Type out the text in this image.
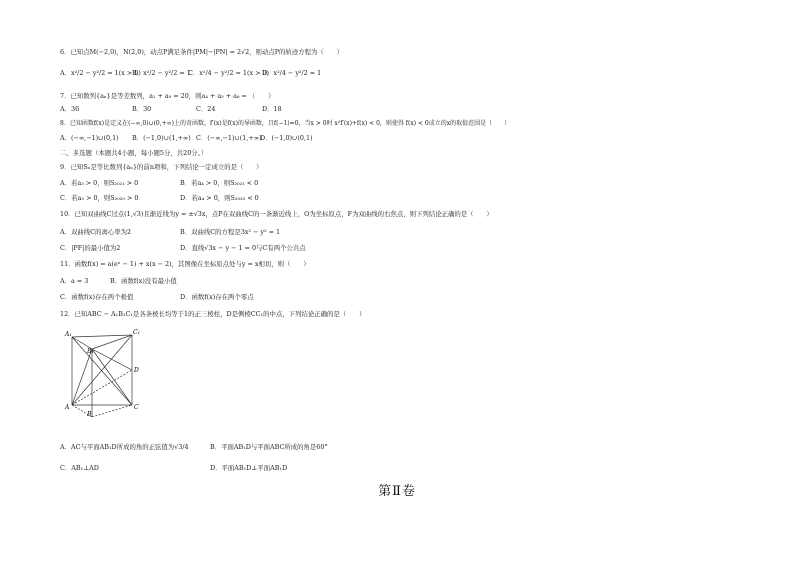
6．已知点M(−2,0)，N(2,0)，动点P满足条件|PM|−|PN| = 2√2，则动点P的轨迹方程为（　　）
A．x²/2 − y²/2 = 1(x > 0)
B．x²/2 − y²/2 = 1
C．x²/4 − y²/2 = 1(x > 0)
D．x²/4 − y²/2 = 1
7．已知数列{aₙ}是等差数列，a₁ + a₉ = 20，则a₄ + a₅ + a₆ = （　　）
A．36	B．30	C．24	D．18
8．已知函数f(x)是定义在(−∞,0)∪(0,+∞)上的奇函数，f′(x)是f(x)的导函数，且f(−1)=0，当x > 0时 x²f′(x)+f(x) < 0，则使得 f(x) < 0成立的x的取值范围是（　　）
A．(−∞,−1)∪(0,1) B．(−1,0)∪(1,+∞) C．(−∞,−1)∪(1,+∞)
D．(−1,0)∪(0,1)
二、多选题（本题共4小题，每小题5分，共20分。）
9．已知Sₙ是等比数列{aₙ}的前n项和，下列结论一定成立的是（　　）
A．若a₃ > 0，则S₂₀₂₁ > 0	B．若a₄ > 0，则S₂₀₂₁ < 0
C．若a₃ > 0，则S₂₀₂₀ > 0	D．若a₄ > 0，则S₂₀₂₀ < 0
10．已知双曲线C过点(1,√3)且渐近线为y = ±√3x，点P在双曲线C的一条渐近线上，O为坐标原点，F为双曲线的右焦点，则下列结论正确的是（　　）
A．双曲线C的离心率为2	B．双曲线C的方程是3x² − y² = 1
C．|PF|的最小值为2	D．直线√3x − y − 1 = 0与C有两个公共点
11．函数f(x) = a(eˣ − 1) + x(x − 2)，其图像在坐标原点处与y = x相切，则（　　）
A．a = 3	B．函数f(x)没有最小值
C．函数f(x)存在两个极值	D．函数f(x)存在两个零点
12．已知ABC − A₁B₁C₁是各条棱长均等于1的正三棱柱，D是侧棱CC₁的中点，下列结论正确的是（　　）
A₁	C₁
B₁
D
A	C
B
A．AC与平面AB₁D所成的角的正弦值为√3/4	B．平面AB₁D与平面ABC所成的角是60°
C．AB₁⊥AD	D．平面AB₁D⊥平面AB₁D
第Ⅱ卷
